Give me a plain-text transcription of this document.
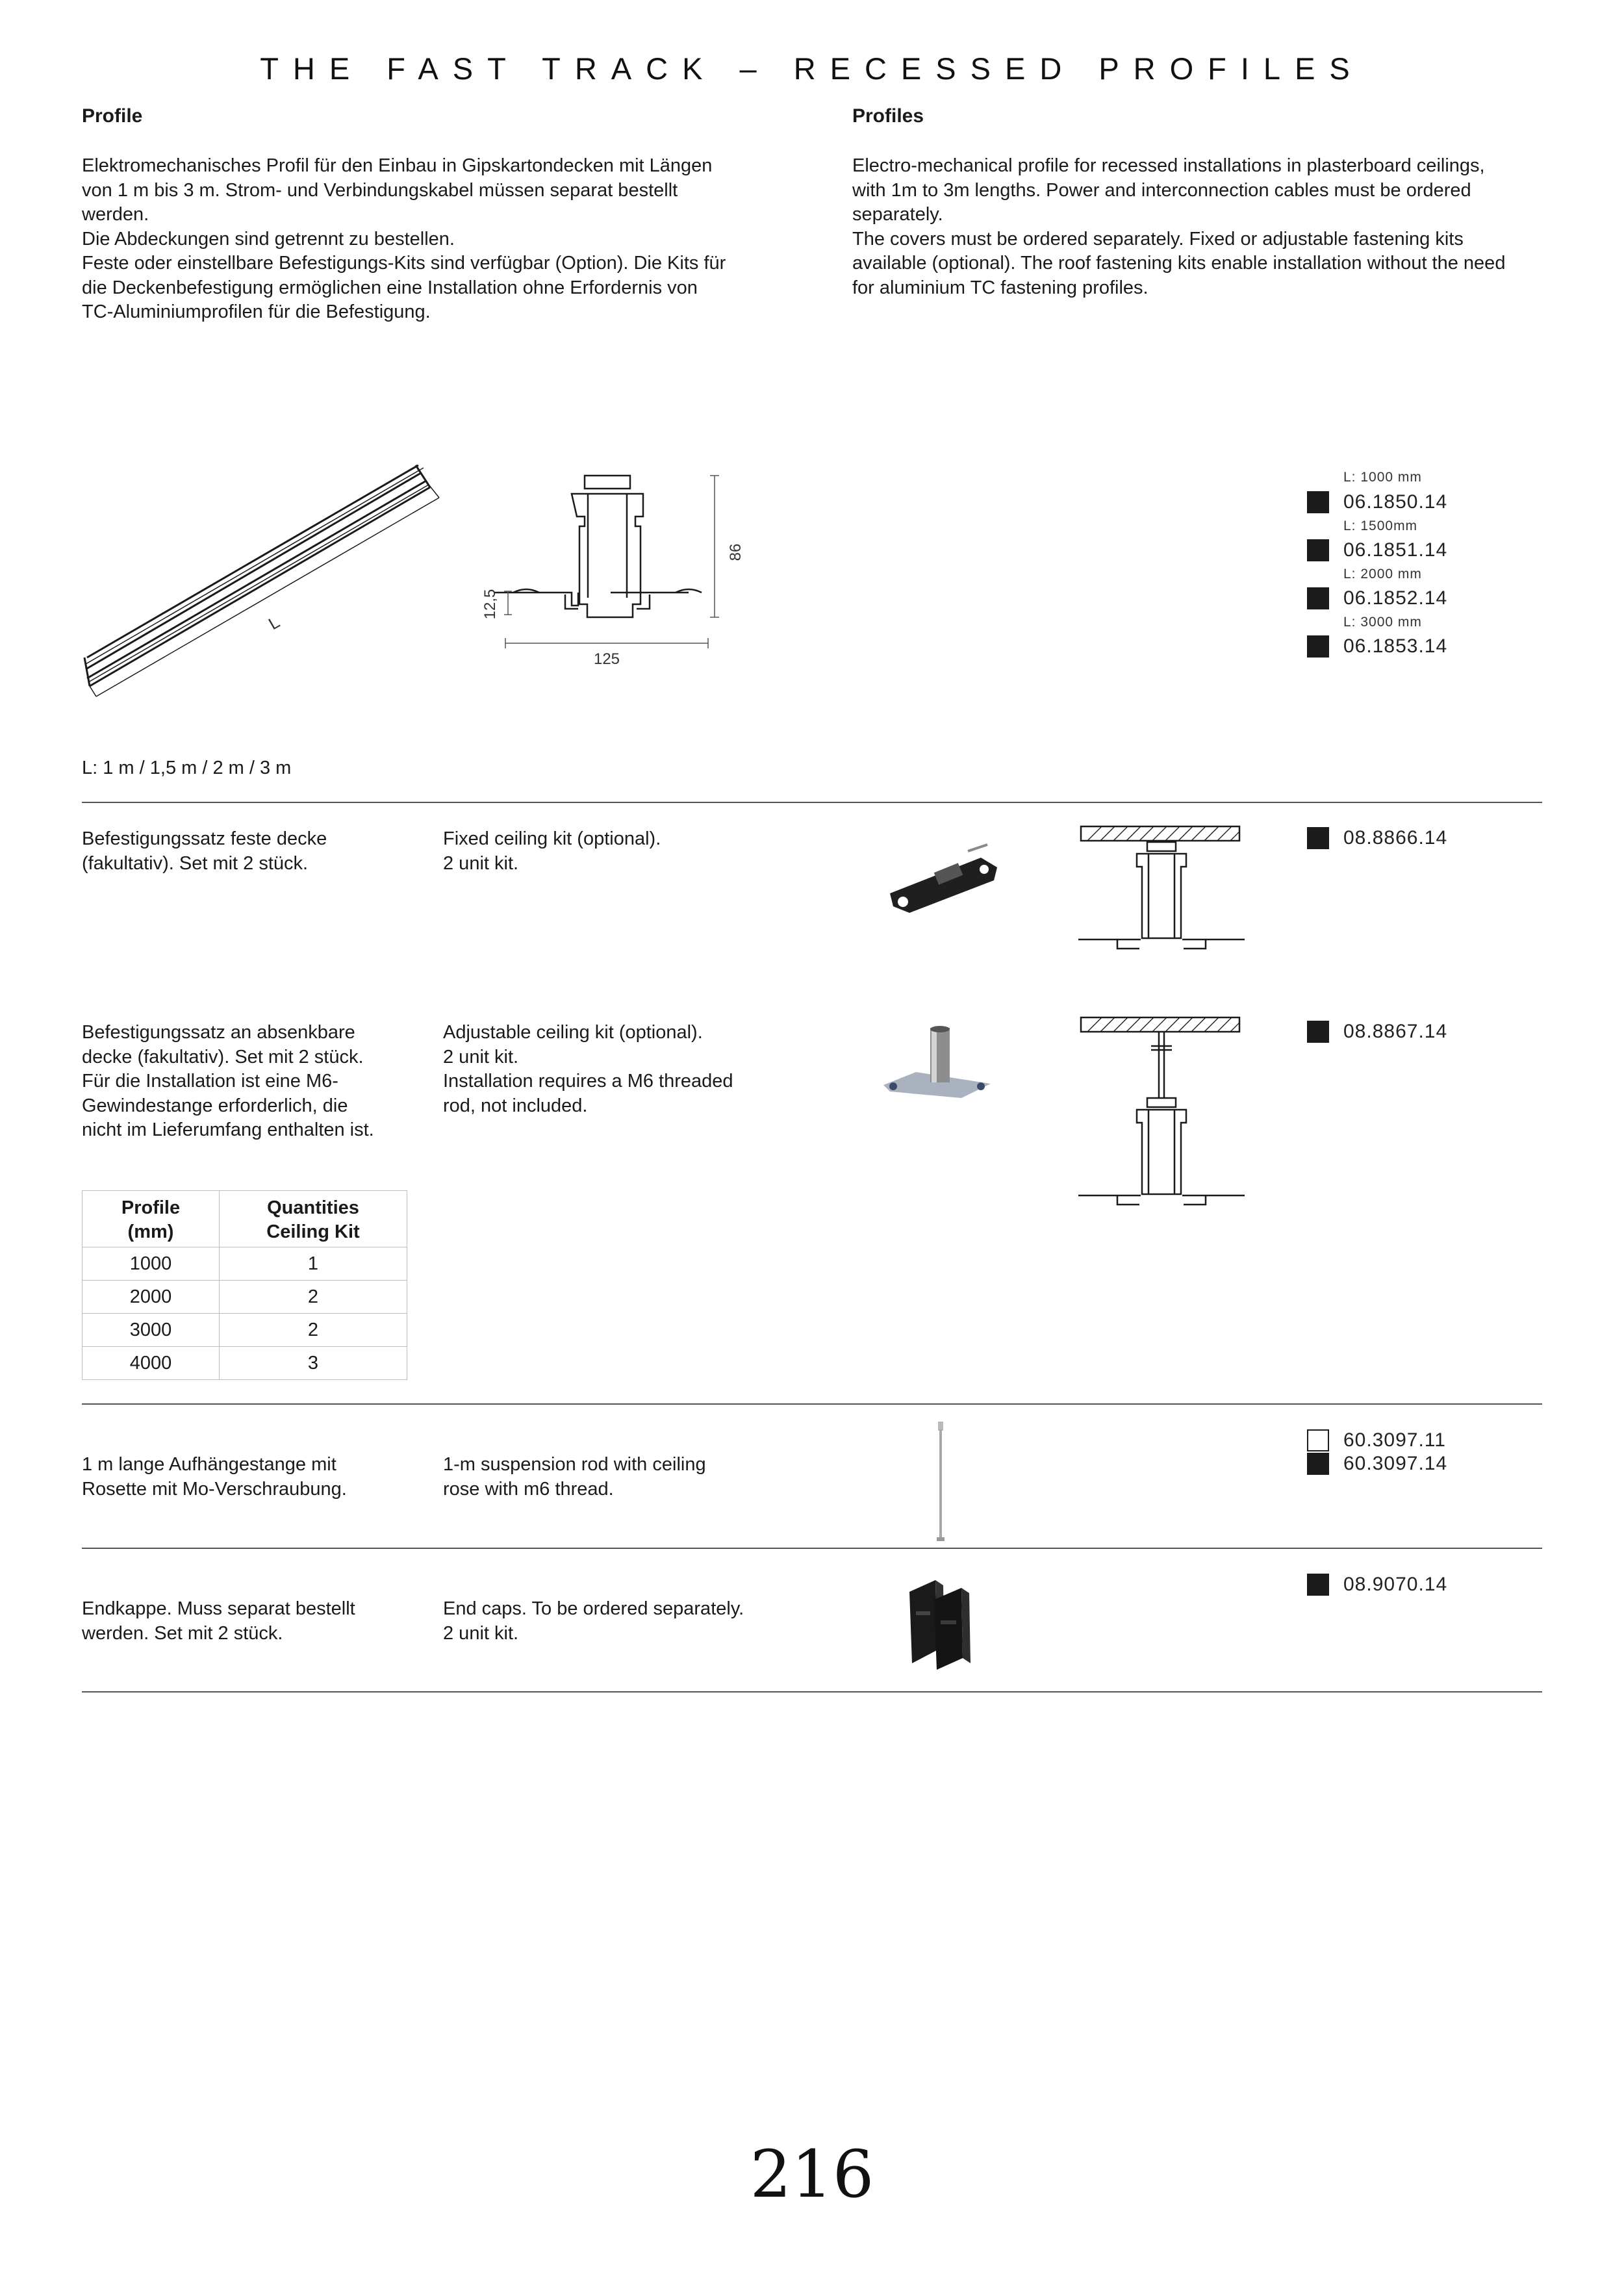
THE FAST TRACK – RECESSED PROFILES
Profile
Elektromechanisches Profil für den Einbau in Gipskartondecken mit Längen
von 1 m bis 3 m. Strom- und Verbindungskabel müssen separat bestellt
werden.
Die Abdeckungen sind getrennt zu bestellen.
Feste oder einstellbare Befestigungs-Kits sind verfügbar (Option). Die Kits für
die Deckenbefestigung ermöglichen eine Installation ohne Erfordernis von
TC-Aluminiumprofilen für die Befestigung.
Profiles
Electro-mechanical profile for recessed installations in plasterboard ceilings,
with 1m to 3m lengths. Power and interconnection cables must be ordered
separately.
The covers must be ordered separately. Fixed or adjustable fastening kits
available (optional). The roof fastening kits enable installation without the need
for aluminium TC fastening profiles.
L
86
12,5
125
L: 1000 mm
06.1850.14
L: 1500mm
06.1851.14
L: 2000 mm
06.1852.14
L: 3000 mm
06.1853.14
L: 1 m / 1,5 m / 2 m / 3 m
Befestigungssatz feste decke
(fakultativ). Set mit 2 stück.
Fixed ceiling kit (optional).
2 unit kit.
08.8866.14
Befestigungssatz an absenkbare
decke (fakultativ). Set mit 2 stück.
Für die Installation ist eine M6-
Gewindestange erforderlich, die
nicht im Lieferumfang enthalten ist.
Adjustable ceiling kit (optional).
2 unit kit.
Installation requires a M6 threaded
rod, not included.
08.8867.14
Profile
(mm)	Quantities
Ceiling Kit
1000	1
2000	2
3000	2
4000	3
1 m lange Aufhängestange mit
Rosette mit Mo-Verschraubung.
1-m suspension rod with ceiling
rose with m6 thread.
60.3097.11
60.3097.14
Endkappe. Muss separat bestellt
werden. Set mit 2 stück.
End caps. To be ordered separately.
2 unit kit.
08.9070.14
216
